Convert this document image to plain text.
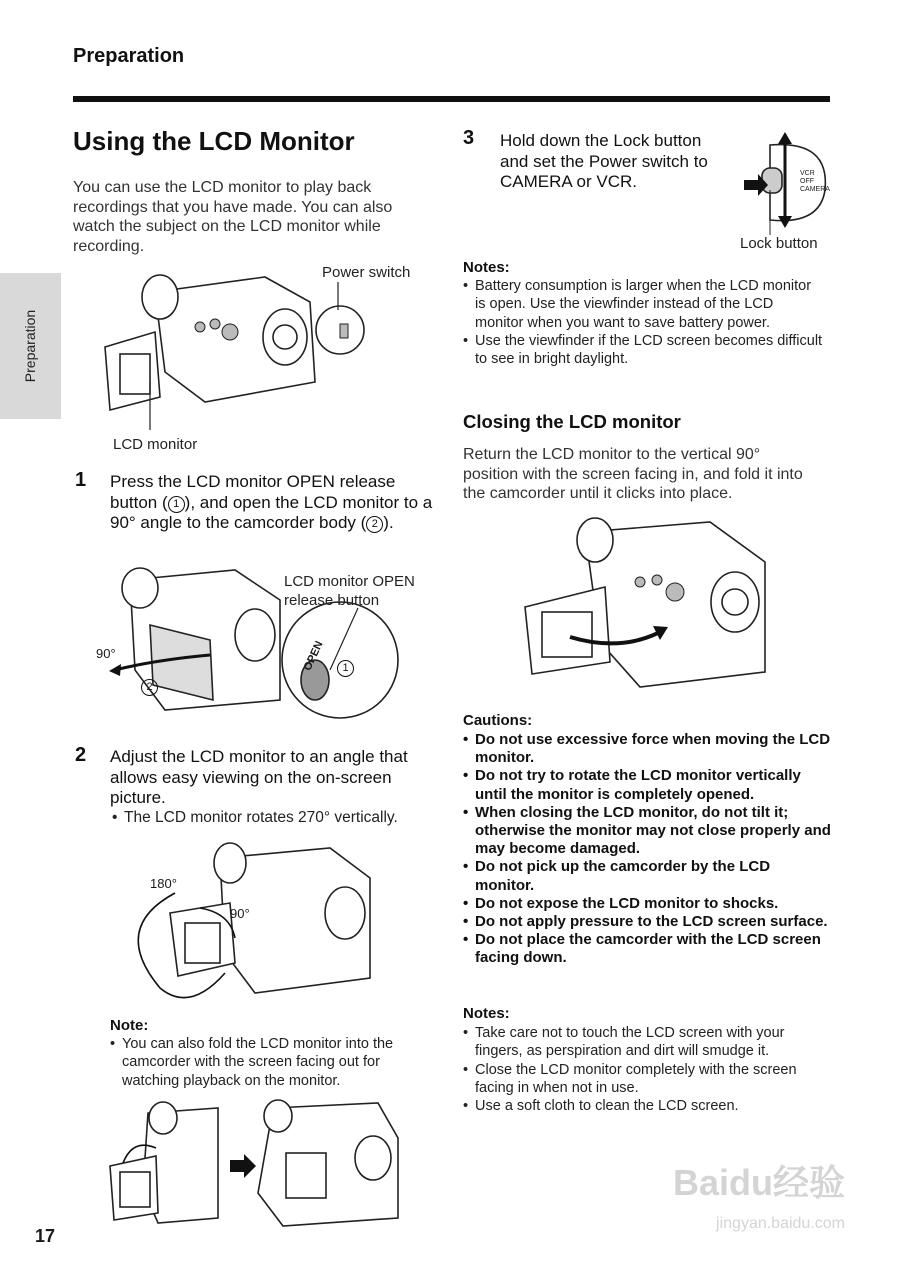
Preparation
Preparation
17
Using the LCD Monitor
You can use the LCD monitor to play back recordings that you have made. You can also watch the subject on the LCD monitor while recording.
Power switch
LCD monitor
1 Press the LCD monitor OPEN release button ( 1 ), and open the LCD monitor to a 90° angle to the camcorder body ( 2 ).
LCD monitor OPEN release button
90°
2
1
OPEN
2 Adjust the LCD monitor to an angle that allows easy viewing on the on-screen picture.
• The LCD monitor rotates 270° vertically.
180°
90°
Note:
• You can also fold the LCD monitor into the camcorder with the screen facing out for watching playback on the monitor.
3 Hold down the Lock button and set the Power switch to CAMERA or VCR.	VCR
OFF
CAMERA
Lock button
Notes:
• Battery consumption is larger when the LCD monitor is open. Use the viewfinder instead of the LCD monitor when you want to save battery power.
• Use the viewfinder if the LCD screen becomes difficult to see in bright daylight.
Closing the LCD monitor
Return the LCD monitor to the vertical 90° position with the screen facing in, and fold it into the camcorder until it clicks into place.
Cautions:
• Do not use excessive force when moving the LCD monitor.
• Do not try to rotate the LCD monitor vertically until the monitor is completely opened.
• When closing the LCD monitor, do not tilt it; otherwise the monitor may not close properly and may become damaged.
• Do not pick up the camcorder by the LCD monitor.
• Do not expose the LCD monitor to shocks.
• Do not apply pressure to the LCD screen surface.
• Do not place the camcorder with the LCD screen facing down.
Notes:
• Take care not to touch the LCD screen with your fingers, as perspiration and dirt will smudge it.
• Close the LCD monitor completely with the screen facing in when not in use.
• Use a soft cloth to clean the LCD screen.
Baidu经验
jingyan.baidu.com
